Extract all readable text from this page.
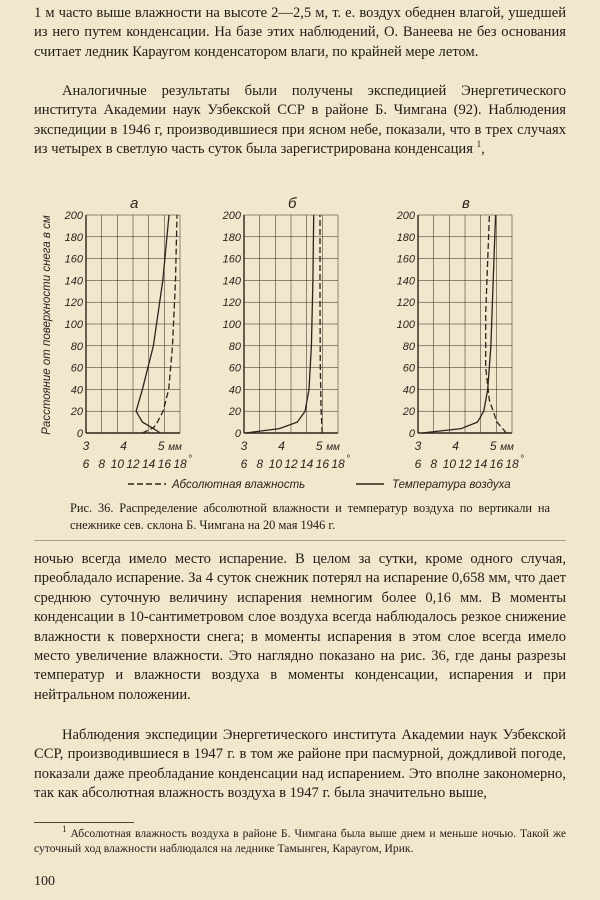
1 м часто выше влажности на высоте 2—2,5 м, т. е. воздух обеднен влагой, ушедшей из него путем конденсации. На базе этих наблюдений, О. Ванеева не без основания считает ледник Караугом конденсатором влаги, по крайней мере летом.

Аналогичные результаты были получены экспедицией Энергетического института Академии наук Узбекской ССР в районе Б. Чимгана (92). Наблюдения экспедиции в 1946 г, производившиеся при ясном небе, показали, что в трех случаях из четырех в светлую часть суток была зарегистрирована конденсация $^1$,

а
0
20
40
60
80
100
120
140
160
180
200
3	4	5 мм
6 8 10 12 14 16 18 °
б
0
20
40
60
80
100
120
140
160
180
200
3	4	5 мм
6 8 10 12 14 16 18 °
в
0
20
40
60
80
100
120
140
160
180
200
3	4	5 мм
6 8 10 12 14 16 18 °
Расстояние от поверхности снега в см
Абсолютная влажность	Температура воздуха

Рис. 36. Распределение абсолютной влажности и температур воздуха по вертикали на снежнике сев. склона Б. Чимгана на 20 мая 1946 г.

ночью всегда имело место испарение. В целом за сутки, кроме одного случая, преобладало испарение. За 4 суток снежник потерял на испарение 0,658 мм, что дает среднюю суточную величину испарения немногим более 0,16 мм. В моменты конденсации в 10-сантиметровом слое воздуха всегда наблюдалось резкое снижение влажности к поверхности снега; в моменты испарения в этом слое всегда имело место увеличение влажности. Это наглядно показано на рис. 36, где даны разрезы температур и влажности воздуха в моменты конденсации, испарения и при нейтральном положении.

Наблюдения экспедиции Энергетического института Академии наук Узбекской ССР, производившиеся в 1947 г. в том же районе при пасмурной, дождливой погоде, показали даже преобладание конденсации над испарением. Это вполне закономерно, так как абсолютная влажность воздуха в 1947 г. была значительно выше,

$^1$ Абсолютная влажность воздуха в районе Б. Чимгана была выше днем и меньше ночью. Такой же суточный ход влажности наблюдался на леднике Тамынген, Караугом, Ирик.

100
